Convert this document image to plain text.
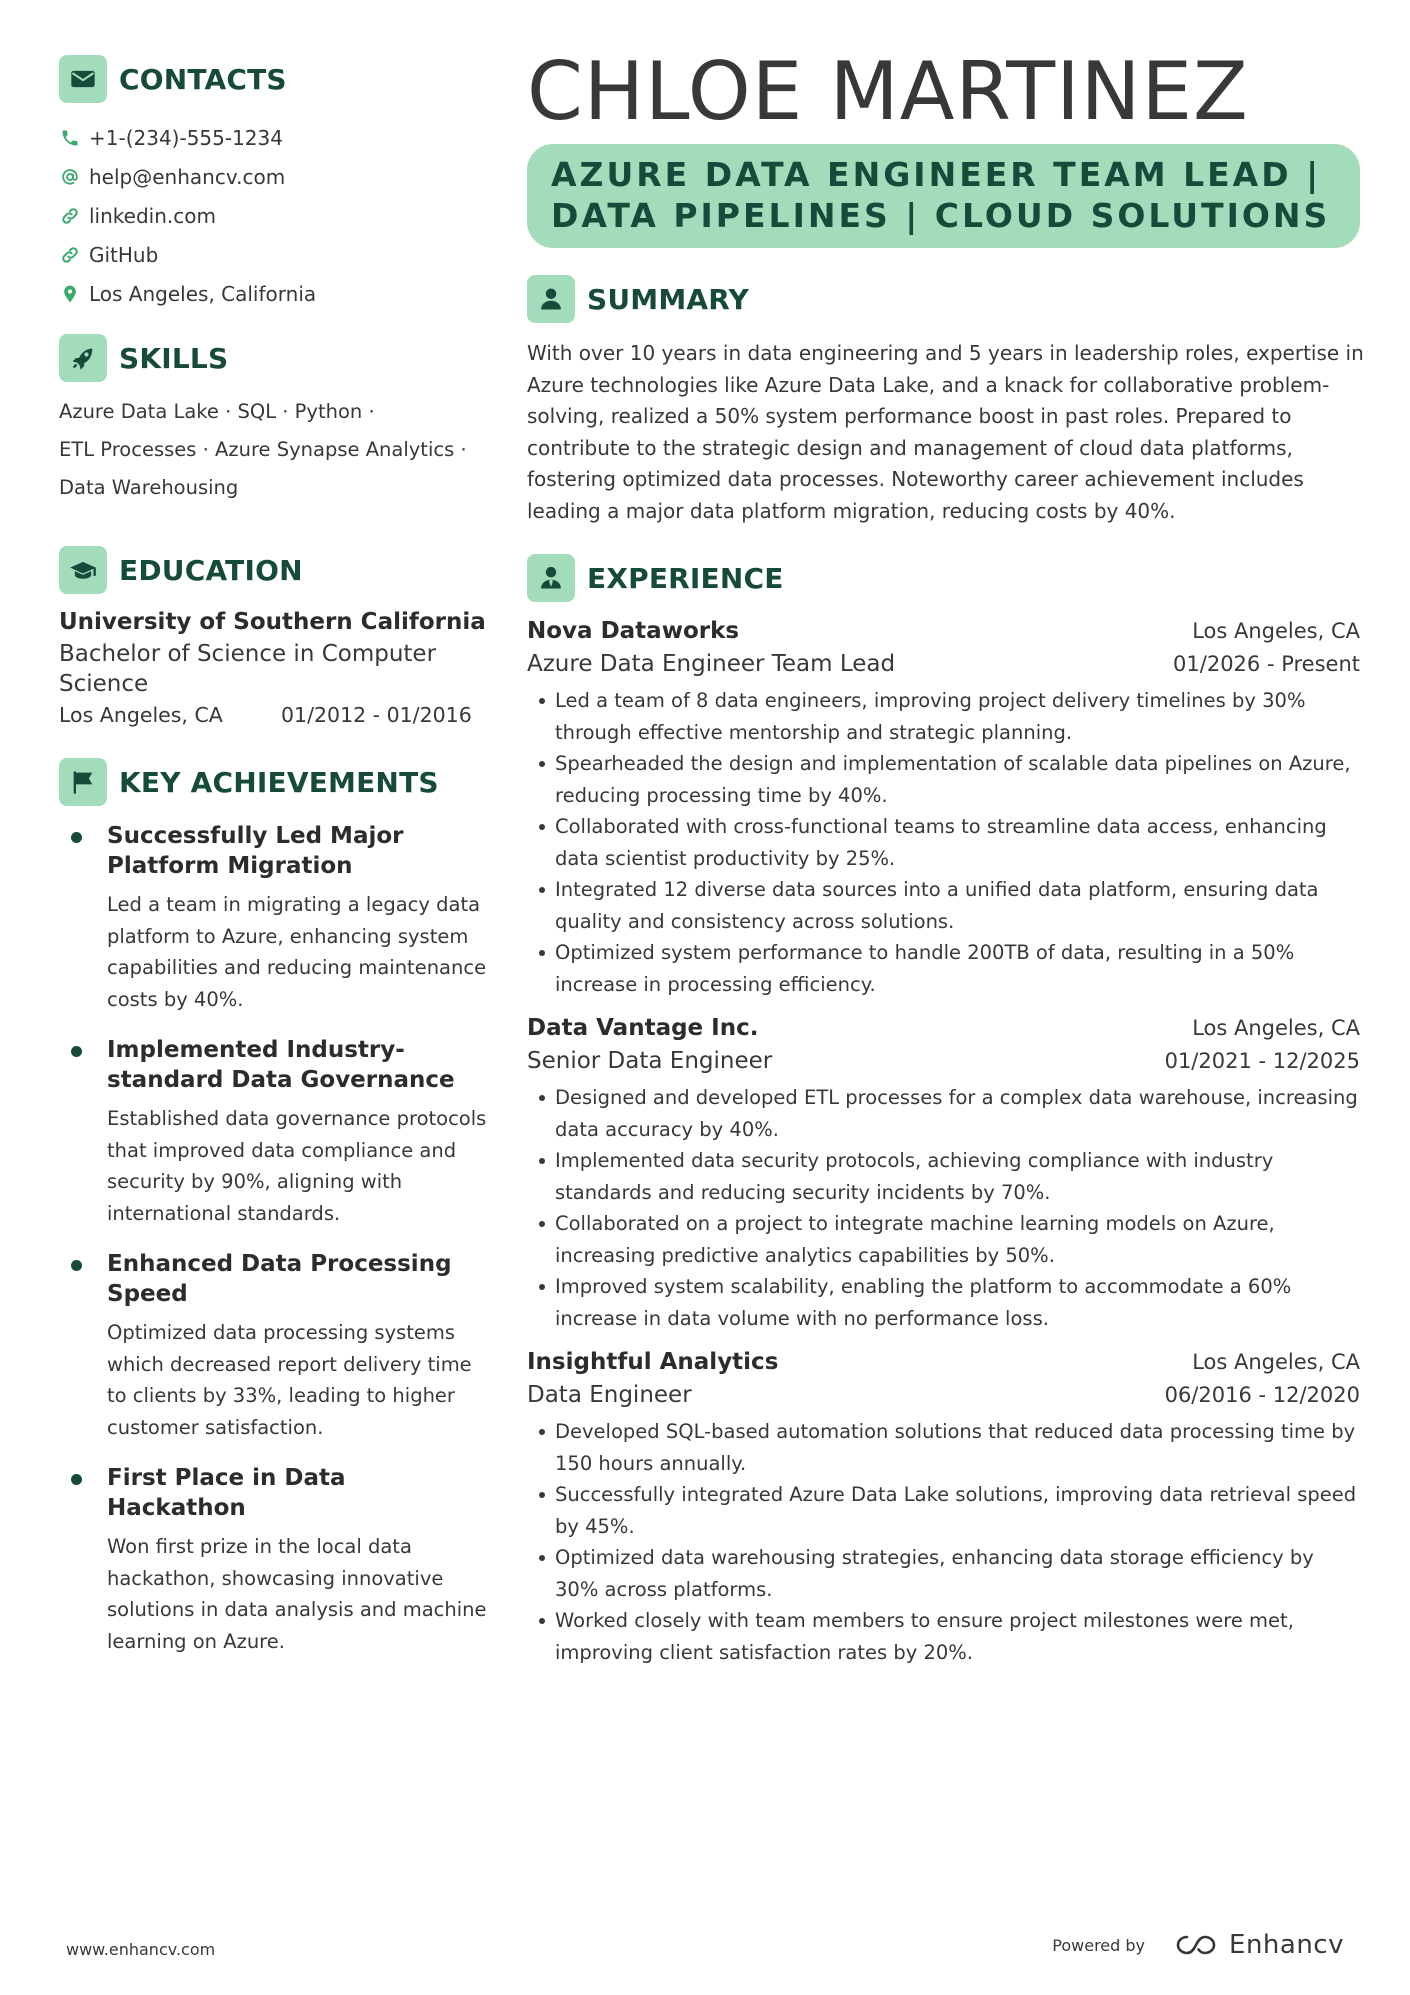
CONTACTS
+1-(234)-555-1234
help@enhancv.com
linkedin.com
GitHub
Los Angeles, California
SKILLS
Azure Data Lake · SQL · Python ·
ETL Processes · Azure Synapse Analytics ·
Data Warehousing
EDUCATION
University of Southern California
Bachelor of Science in Computer Science
Los Angeles, CA	01/2012 - 01/2016
KEY ACHIEVEMENTS
Successfully Led Major Platform Migration
Led a team in migrating a legacy data platform to Azure, enhancing system capabilities and reducing maintenance costs by 40%.
Implemented Industry-standard Data Governance
Established data governance protocols that improved data compliance and security by 90%, aligning with international standards.
Enhanced Data Processing Speed
Optimized data processing systems which decreased report delivery time to clients by 33%, leading to higher customer satisfaction.
First Place in Data Hackathon
Won first prize in the local data hackathon, showcasing innovative solutions in data analysis and machine learning on Azure.
CHLOE MARTINEZ
AZURE DATA ENGINEER TEAM LEAD |
DATA PIPELINES | CLOUD SOLUTIONS
SUMMARY
With over 10 years in data engineering and 5 years in leadership roles, expertise in Azure technologies like Azure Data Lake, and a knack for collaborative problem-solving, realized a 50% system performance boost in past roles. Prepared to contribute to the strategic design and management of cloud data platforms, fostering optimized data processes. Noteworthy career achievement includes leading a major data platform migration, reducing costs by 40%.
EXPERIENCE
Nova Dataworks	Los Angeles, CA
Azure Data Engineer Team Lead	01/2026 - Present
Led a team of 8 data engineers, improving project delivery timelines by 30% through effective mentorship and strategic planning.
Spearheaded the design and implementation of scalable data pipelines on Azure, reducing processing time by 40%.
Collaborated with cross-functional teams to streamline data access, enhancing data scientist productivity by 25%.
Integrated 12 diverse data sources into a unified data platform, ensuring data quality and consistency across solutions.
Optimized system performance to handle 200TB of data, resulting in a 50% increase in processing efficiency.
Data Vantage Inc.	Los Angeles, CA
Senior Data Engineer	01/2021 - 12/2025
Designed and developed ETL processes for a complex data warehouse, increasing data accuracy by 40%.
Implemented data security protocols, achieving compliance with industry standards and reducing security incidents by 70%.
Collaborated on a project to integrate machine learning models on Azure, increasing predictive analytics capabilities by 50%.
Improved system scalability, enabling the platform to accommodate a 60% increase in data volume with no performance loss.
Insightful Analytics	Los Angeles, CA
Data Engineer	06/2016 - 12/2020
Developed SQL-based automation solutions that reduced data processing time by 150 hours annually.
Successfully integrated Azure Data Lake solutions, improving data retrieval speed by 45%.
Optimized data warehousing strategies, enhancing data storage efficiency by 30% across platforms.
Worked closely with team members to ensure project milestones were met, improving client satisfaction rates by 20%.
www.enhancv.com	Powered by	Enhancv
